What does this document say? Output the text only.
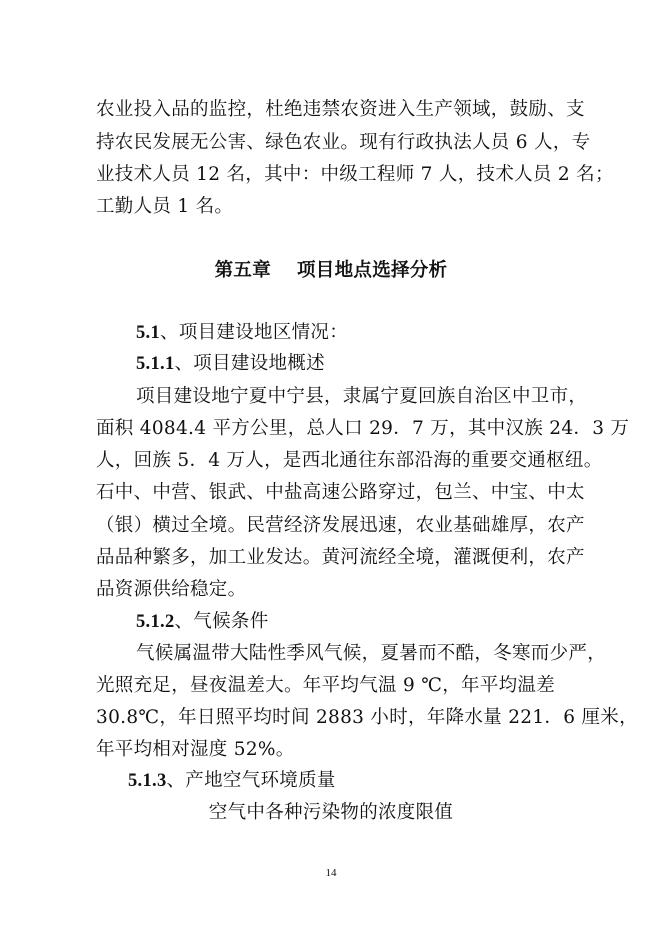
农业投入品的监控，杜绝违禁农资进入生产领域，鼓励、支
持农民发展无公害、绿色农业。现有行政执法人员 6 人，专
业技术人员 12 名，其中：中级工程师 7 人，技术人员 2 名；
工勤人员 1 名。
第五章 项目地点选择分析
5.1、项目建设地区情况：
5.1.1、项目建设地概述
项目建设地宁夏中宁县，隶属宁夏回族自治区中卫市，
面积 4084.4 平方公里，总人口 29．7 万，其中汉族 24．3 万
人，回族 5．4 万人，是西北通往东部沿海的重要交通枢纽。
石中、中营、银武、中盐高速公路穿过，包兰、中宝、中太
（银）横过全境。民营经济发展迅速，农业基础雄厚，农产
品品种繁多，加工业发达。黄河流经全境，灌溉便利，农产
品资源供给稳定。
5.1.2、气候条件
气候属温带大陆性季风气候，夏暑而不酷，冬寒而少严，
光照充足，昼夜温差大。年平均气温 9 ℃，年平均温差
30.8℃，年日照平均时间 2883 小时，年降水量 221．6 厘米，
年平均相对湿度 52%。
5.1.3、产地空气环境质量
空气中各种污染物的浓度限值
14
